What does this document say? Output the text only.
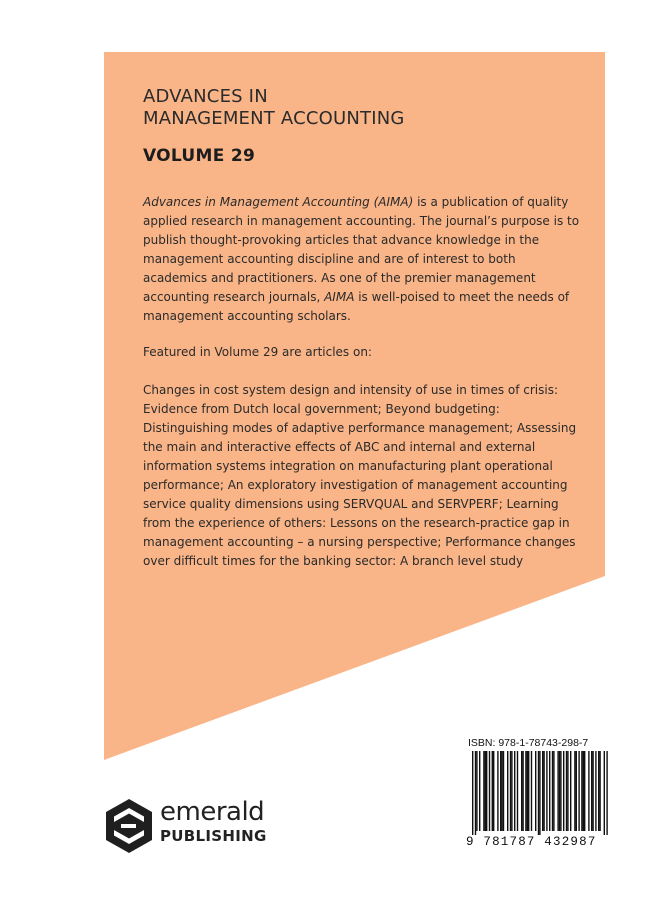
ADVANCES IN
MANAGEMENT ACCOUNTING
VOLUME 29

Advances in Management Accounting (AIMA) is a publication of quality applied research in management accounting. The journal’s purpose is to publish thought-provoking articles that advance knowledge in the management accounting discipline and are of interest to both academics and practitioners. As one of the premier management accounting research journals, AIMA is well-poised to meet the needs of management accounting scholars.

Featured in Volume 29 are articles on:

Changes in cost system design and intensity of use in times of crisis: Evidence from Dutch local government; Beyond budgeting: Distinguishing modes of adaptive performance management; Assessing the main and interactive effects of ABC and internal and external information systems integration on manufacturing plant operational performance; An exploratory investigation of management accounting service quality dimensions using SERVQUAL and SERVPERF; Learning from the experience of others: Lessons on the research-practice gap in management accounting – a nursing perspective; Performance changes over difficult times for the banking sector: A branch level study

emerald
PUBLISHING
ISBN: 978-1-78743-298-7
9 781787 432987
